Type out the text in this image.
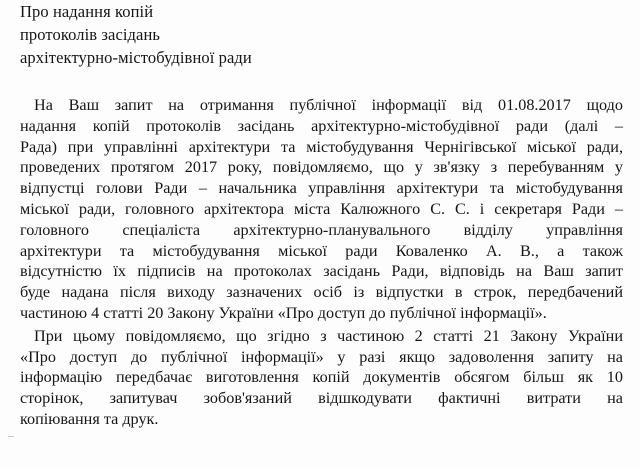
Про надання копій
протоколів засідань
архітектурно-містобудівної ради
На Ваш запит на отримання публічної інформації від 01.08.2017 щодо
надання копій протоколів засідань архітектурно-містобудівної ради (далі –
Рада) при управлінні архітектури та містобудування Чернігівської міської ради,
проведених протягом 2017 року, повідомляємо, що у зв'язку з перебуванням у
відпустці голови Ради – начальника управління архітектури та містобудування
міської ради, головного архітектора міста Калюжного С. С. і секретаря Ради –
головного спеціаліста архітектурно-планувального відділу управління
архітектури та містобудування міської ради Коваленко А. В., а також
відсутністю їх підписів на протоколах засідань Ради, відповідь на Ваш запит
буде надана після виходу зазначених осіб із відпустки в строк, передбачений
частиною 4 статті 20 Закону України «Про доступ до публічної інформації».
При цьому повідомляємо, що згідно з частиною 2 статті 21 Закону України
«Про доступ до публічної інформації» у разі якщо задоволення запиту на
інформацію передбачає виготовлення копій документів обсягом більш як 10
сторінок, запитувач зобов'язаний відшкодувати фактичні витрати на
копіювання та друк.
